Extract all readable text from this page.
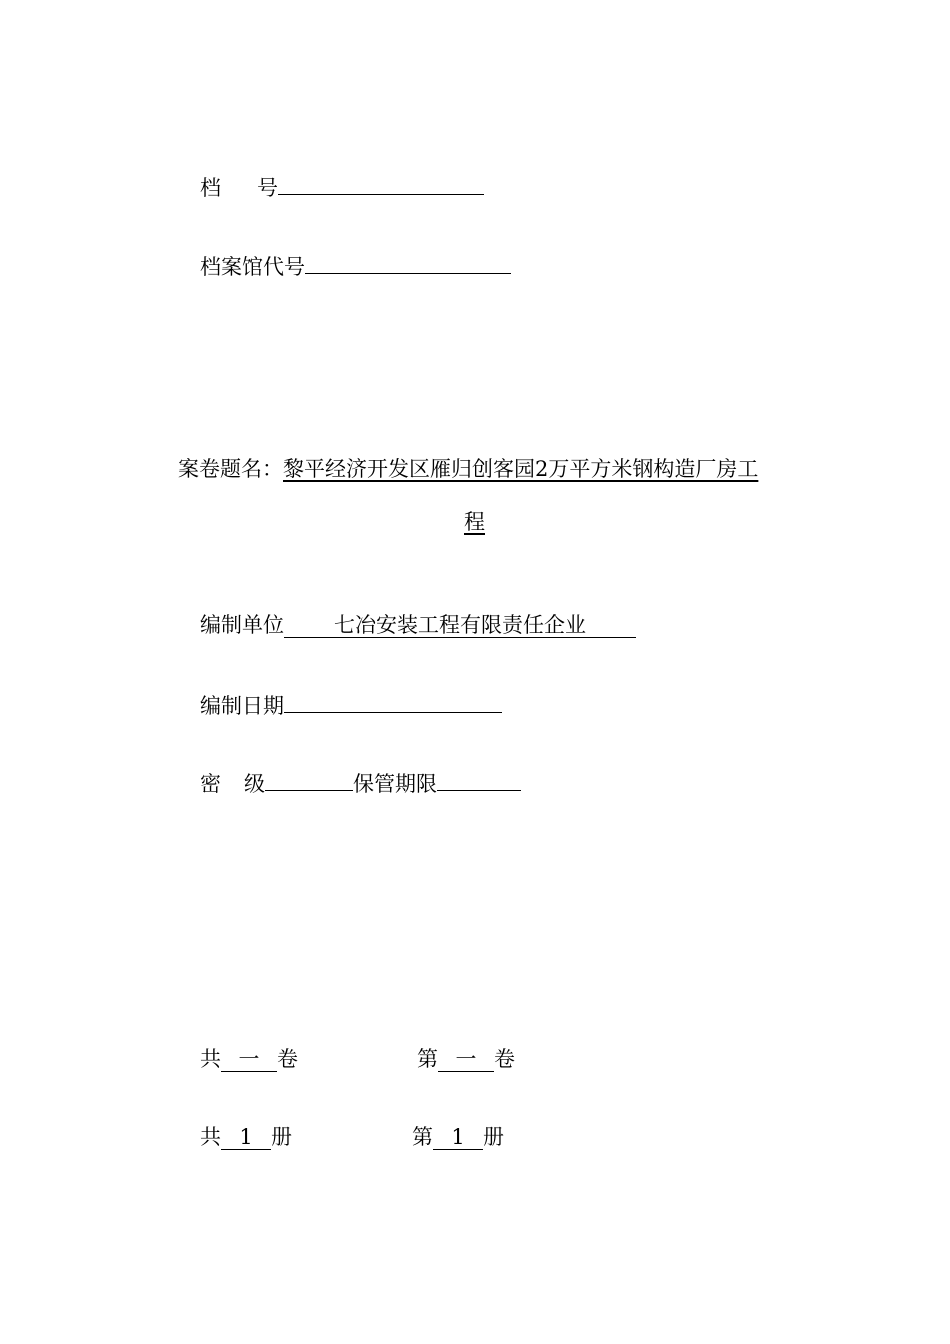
档 号
档案馆代号
案卷题名：黎平经济开发区雁归创客园2万平方米钢构造厂房工
程
编制单位 七冶安装工程有限责任企业
编制日期
密 级	保管期限
共 一 卷	第 一 卷
共 1 册	第 1 册
